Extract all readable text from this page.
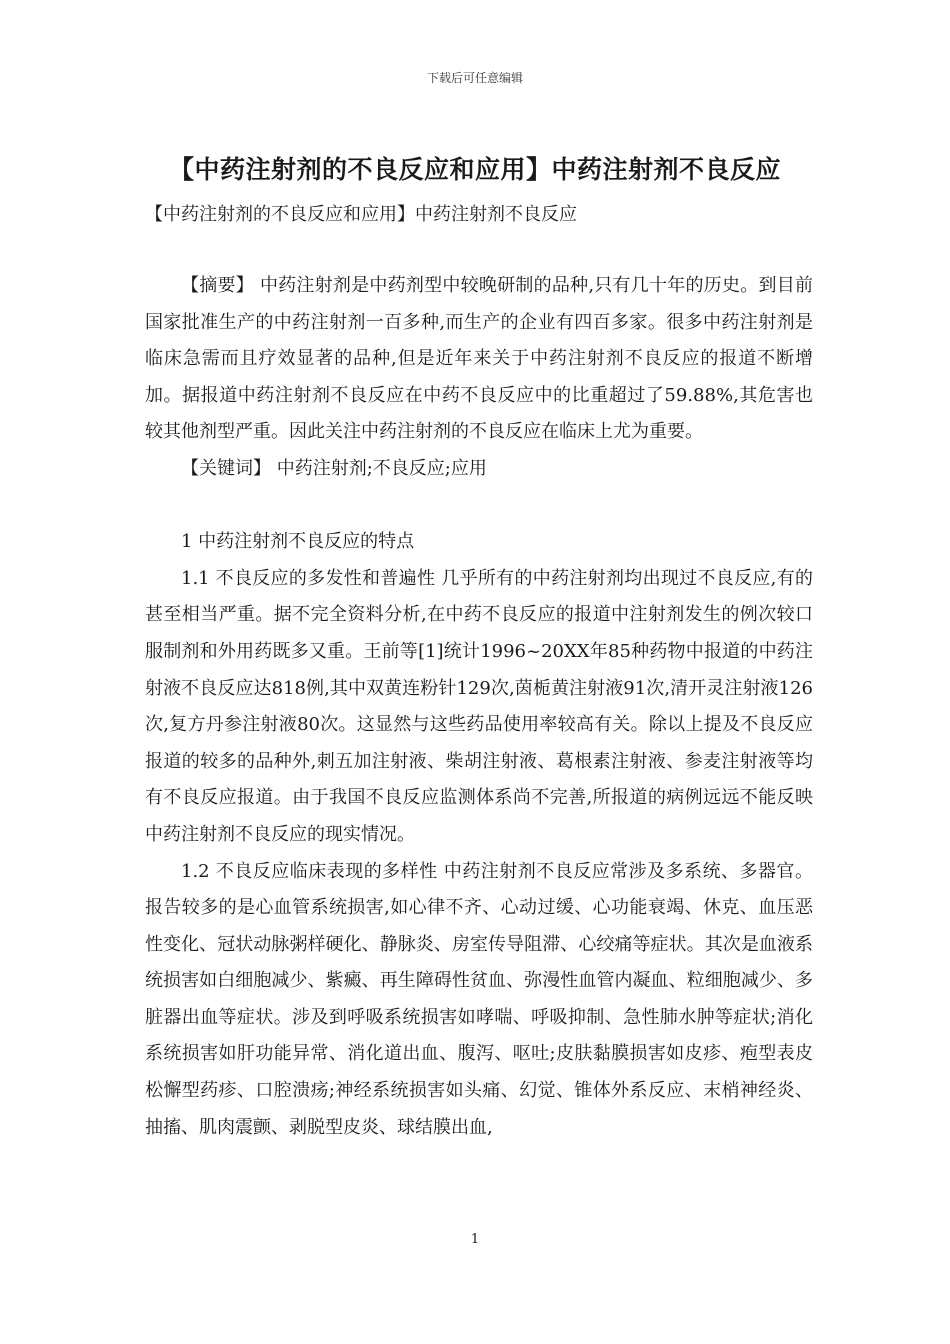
下载后可任意编辑
【中药注射剂的不良反应和应用】中药注射剂不良反应
【中药注射剂的不良反应和应用】中药注射剂不良反应

【摘要】 中药注射剂是中药剂型中较晚研制的品种,只有几十年的历史。到目前国家批准生产的中药注射剂一百多种,而生产的企业有四百多家。很多中药注射剂是临床急需而且疗效显著的品种,但是近年来关于中药注射剂不良反应的报道不断增加。据报道中药注射剂不良反应在中药不良反应中的比重超过了59.88%,其危害也较其他剂型严重。因此关注中药注射剂的不良反应在临床上尤为重要。

【关键词】 中药注射剂;不良反应;应用

1 中药注射剂不良反应的特点

1.1 不良反应的多发性和普遍性 几乎所有的中药注射剂均出现过不良反应,有的甚至相当严重。据不完全资料分析,在中药不良反应的报道中注射剂发生的例次较口服制剂和外用药既多又重。王前等[1]统计1996~20XX年85种药物中报道的中药注射液不良反应达818例,其中双黄连粉针129次,茵栀黄注射液91次,清开灵注射液126次,复方丹参注射液80次。这显然与这些药品使用率较高有关。除以上提及不良反应报道的较多的品种外,刺五加注射液、柴胡注射液、葛根素注射液、参麦注射液等均有不良反应报道。由于我国不良反应监测体系尚不完善,所报道的病例远远不能反映中药注射剂不良反应的现实情况。

1.2 不良反应临床表现的多样性 中药注射剂不良反应常涉及多系统、多器官。报告较多的是心血管系统损害,如心律不齐、心动过缓、心功能衰竭、休克、血压恶性变化、冠状动脉粥样硬化、静脉炎、房室传导阻滞、心绞痛等症状。其次是血液系统损害如白细胞减少、紫癜、再生障碍性贫血、弥漫性血管内凝血、粒细胞减少、多脏器出血等症状。涉及到呼吸系统损害如哮喘、呼吸抑制、急性肺水肿等症状;消化系统损害如肝功能异常、消化道出血、腹泻、呕吐;皮肤黏膜损害如皮疹、疱型表皮松懈型药疹、口腔溃疡;神经系统损害如头痛、幻觉、锥体外系反应、末梢神经炎、抽搐、肌肉震颤、剥脱型皮炎、球结膜出血,

1
